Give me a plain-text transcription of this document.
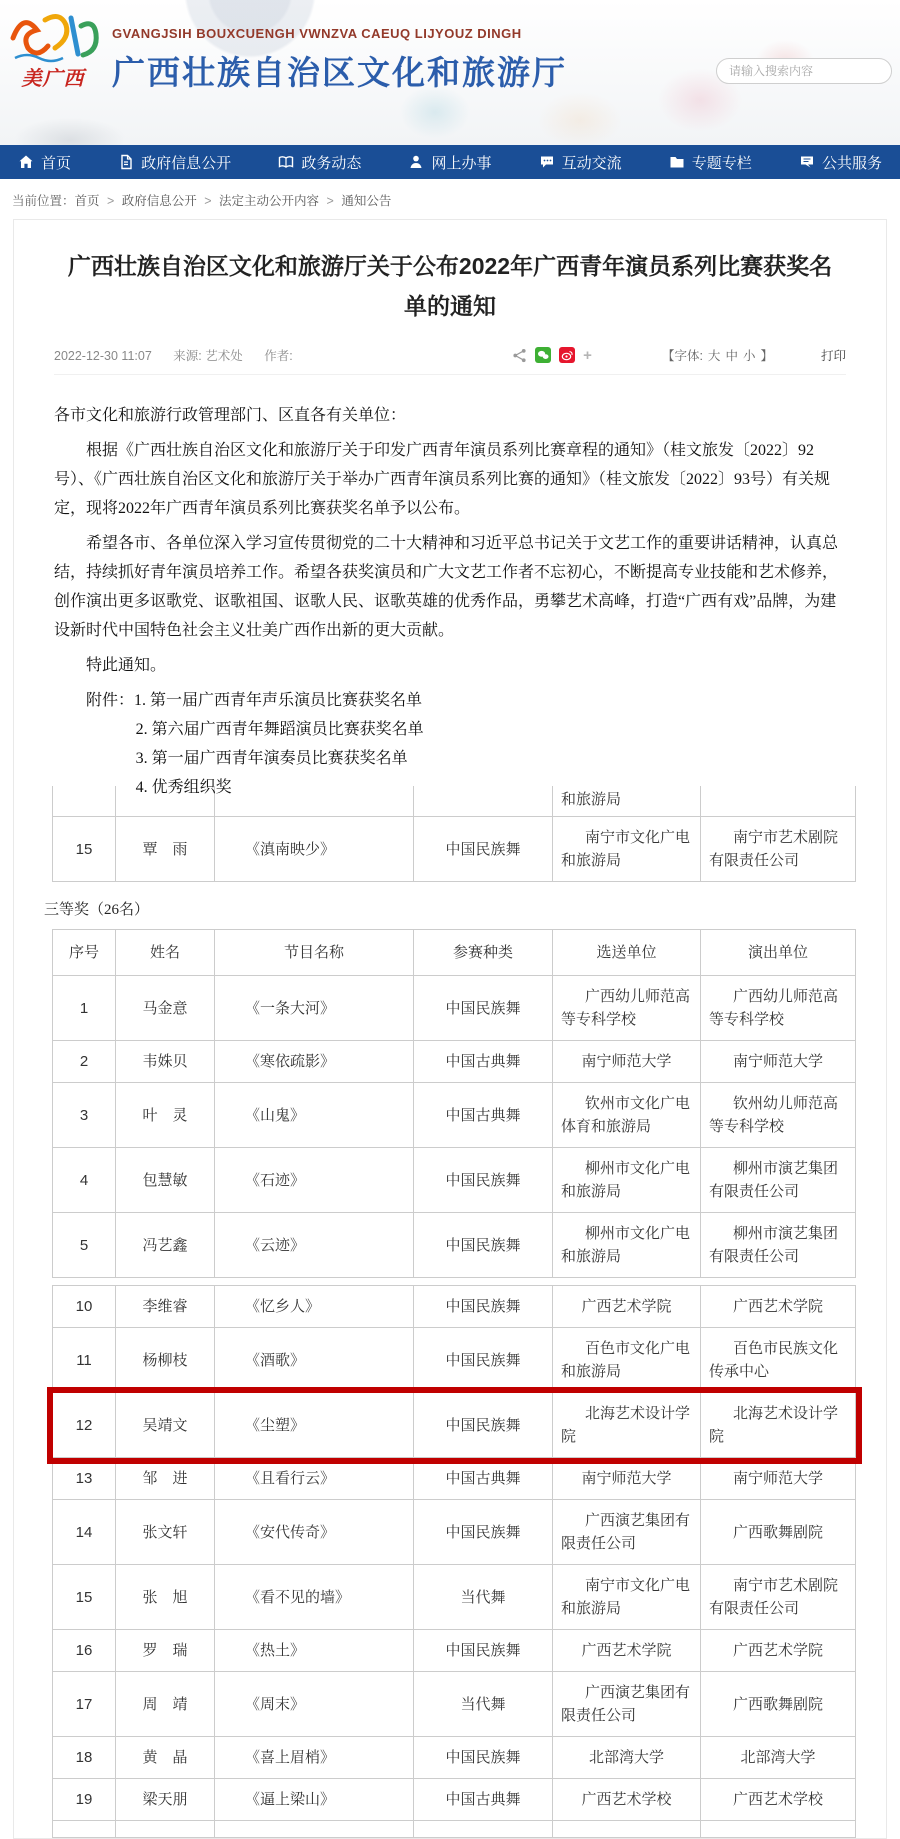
美广西
GVANGJSIH BOUXCUENGH VWNZVA CAEUQ LIJYOUZ DINGH
广西壮族自治区文化和旅游厅
请输入搜索内容
首页	政府信息公开	政务动态	网上办事	互动交流	专题专栏	公共服务
当前位置：首页 > 政府信息公开 > 法定主动公开内容 > 通知公告
广西壮族自治区文化和旅游厅关于公布2022年广西青年演员系列比赛获奖名单的通知
2022-12-30 11:07 来源: 艺术处 作者:	+	【字体: 大 中 小 】	打印

各市文化和旅游行政管理部门、区直各有关单位：

根据《广西壮族自治区文化和旅游厅关于印发广西青年演员系列比赛章程的通知》（桂文旅发〔2022〕92号）、《广西壮族自治区文化和旅游厅关于举办广西青年演员系列比赛的通知》（桂文旅发〔2022〕93号）有关规定，现将2022年广西青年演员系列比赛获奖名单予以公布。

希望各市、各单位深入学习宣传贯彻党的二十大精神和习近平总书记关于文艺工作的重要讲话精神，认真总结，持续抓好青年演员培养工作。希望各获奖演员和广大文艺工作者不忘初心，不断提高专业技能和艺术修养，创作演出更多讴歌党、讴歌祖国、讴歌人民、讴歌英雄的优秀作品，勇攀艺术高峰，打造“广西有戏”品牌，为建设新时代中国特色社会主义壮美广西作出新的更大贡献。

特此通知。

附件：1. 第一届广西青年声乐演员比赛获奖名单
2. 第六届广西青年舞蹈演员比赛获奖名单
3. 第一届广西青年演奏员比赛获奖名单
4. 优秀组织奖
				和旅游局	
15	覃　雨	《滇南映少》	中国民族舞	南宁市文化广电和旅游局	南宁市艺术剧院有限责任公司
三等奖（26名）
序号	姓名	节目名称	参赛种类	选送单位	演出单位
1	马金意	《一条大河》	中国民族舞	广西幼儿师范高等专科学校	广西幼儿师范高等专科学校
2	韦姝贝	《寒依疏影》	中国古典舞	南宁师范大学	南宁师范大学
3	叶　灵	《山鬼》	中国古典舞	钦州市文化广电体育和旅游局	钦州幼儿师范高等专科学校
4	包慧敏	《石迹》	中国民族舞	柳州市文化广电和旅游局	柳州市演艺集团有限责任公司
5	冯艺鑫	《云迹》	中国民族舞	柳州市文化广电和旅游局	柳州市演艺集团有限责任公司
10	李维睿	《忆乡人》	中国民族舞	广西艺术学院	广西艺术学院
11	杨柳枝	《酒歌》	中国民族舞	百色市文化广电和旅游局	百色市民族文化传承中心
12	吴靖文	《尘塑》	中国民族舞	北海艺术设计学院	北海艺术设计学院
13	邹　进	《且看行云》	中国古典舞	南宁师范大学	南宁师范大学
14	张文轩	《安代传奇》	中国民族舞	广西演艺集团有限责任公司	广西歌舞剧院
15	张　旭	《看不见的墙》	当代舞	南宁市文化广电和旅游局	南宁市艺术剧院有限责任公司
16	罗　瑞	《热土》	中国民族舞	广西艺术学院	广西艺术学院
17	周　靖	《周末》	当代舞	广西演艺集团有限责任公司	广西歌舞剧院
18	黄　晶	《喜上眉梢》	中国民族舞	北部湾大学	北部湾大学
19	梁天朋	《逼上梁山》	中国古典舞	广西艺术学校	广西艺术学校
